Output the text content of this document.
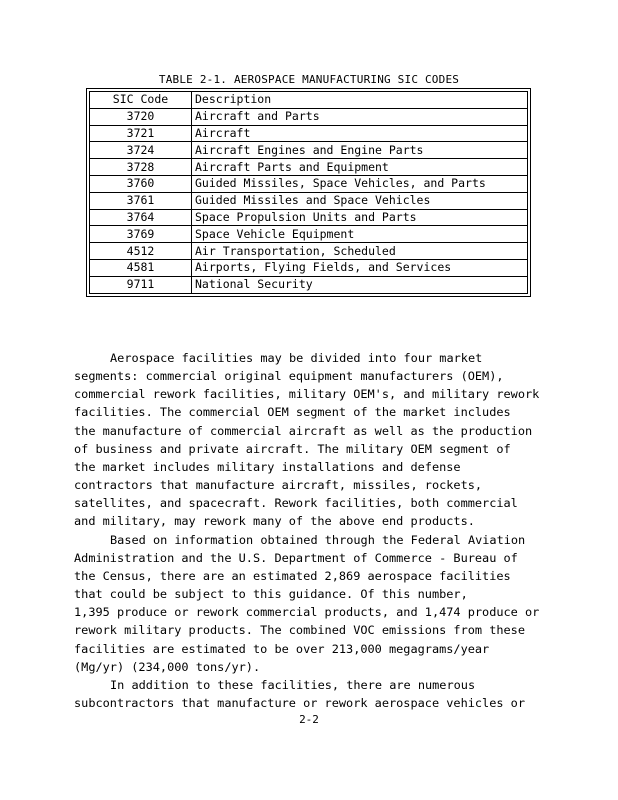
TABLE 2-1. AEROSPACE MANUFACTURING SIC CODES
SIC Code	Description
3720	Aircraft and Parts
3721	Aircraft
3724	Aircraft Engines and Engine Parts
3728	Aircraft Parts and Equipment
3760	Guided Missiles, Space Vehicles, and Parts
3761	Guided Missiles and Space Vehicles
3764	Space Propulsion Units and Parts
3769	Space Vehicle Equipment
4512	Air Transportation, Scheduled
4581	Airports, Flying Fields, and Services
9711	National Security

Aerospace facilities may be divided into four market
segments: commercial original equipment manufacturers (OEM),
commercial rework facilities, military OEM's, and military rework
facilities. The commercial OEM segment of the market includes
the manufacture of commercial aircraft as well as the production
of business and private aircraft. The military OEM segment of
the market includes military installations and defense
contractors that manufacture aircraft, missiles, rockets,
satellites, and spacecraft. Rework facilities, both commercial
and military, may rework many of the above end products.

Based on information obtained through the Federal Aviation
Administration and the U.S. Department of Commerce - Bureau of
the Census, there are an estimated 2,869 aerospace facilities
that could be subject to this guidance. Of this number,
1,395 produce or rework commercial products, and 1,474 produce or
rework military products. The combined VOC emissions from these
facilities are estimated to be over 213,000 megagrams/year
(Mg/yr) (234,000 tons/yr).

In addition to these facilities, there are numerous
subcontractors that manufacture or rework aerospace vehicles or

2-2
